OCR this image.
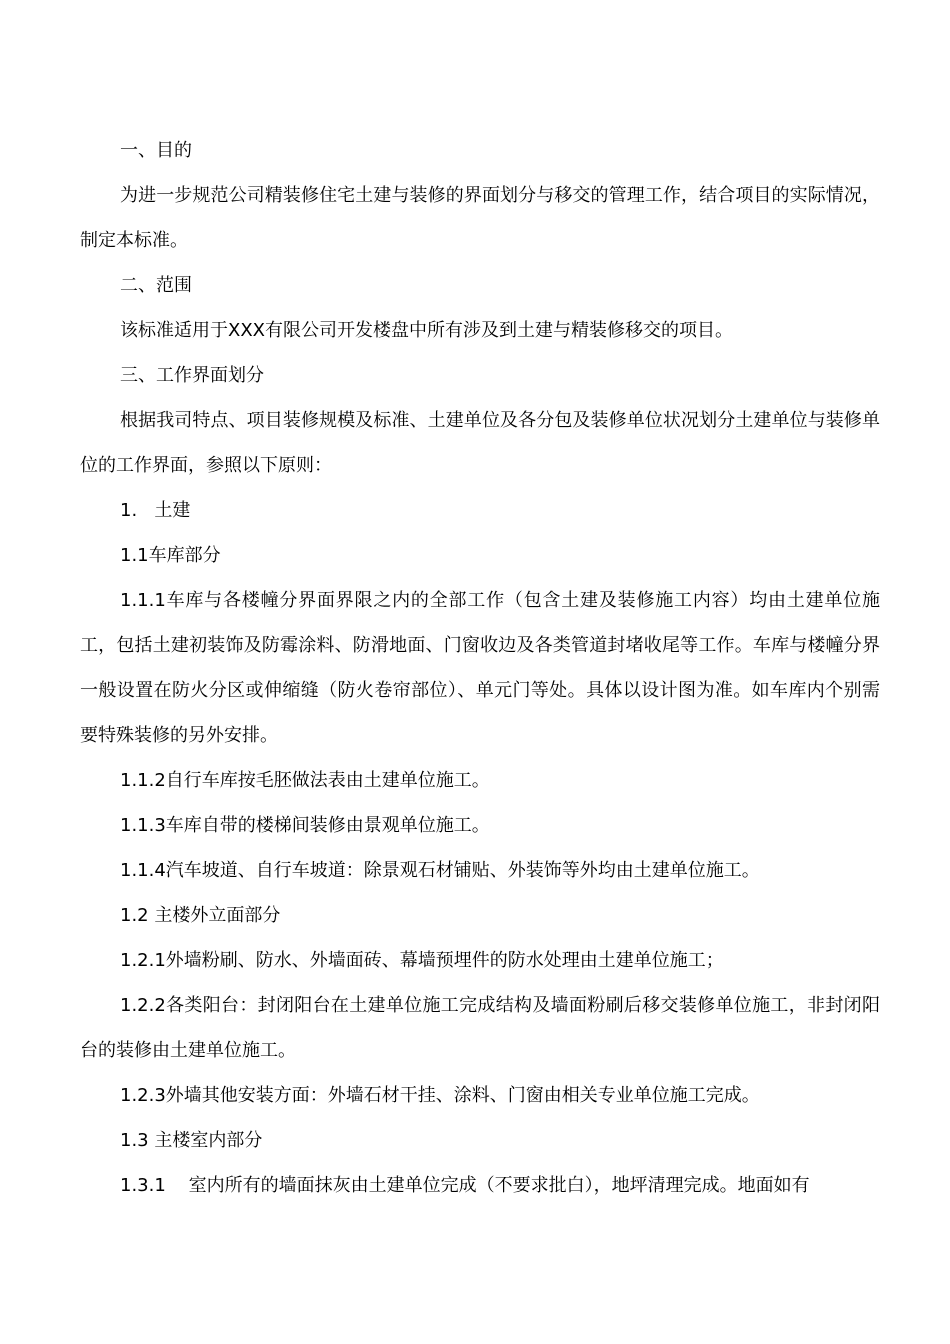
一、目的

为进一步规范公司精装修住宅土建与装修的界面划分与移交的管理工作，结合项目的实际情况，制定本标准。

二、范围

该标准适用于XXX有限公司开发楼盘中所有涉及到土建与精装修移交的项目。

三、工作界面划分

根据我司特点、项目装修规模及标准、土建单位及各分包及装修单位状况划分土建单位与装修单位的工作界面，参照以下原则：

1.   土建

1.1车库部分

1.1.1车库与各楼幢分界面界限之内的全部工作（包含土建及装修施工内容）均由土建单位施工，包括土建初装饰及防霉涂料、防滑地面、门窗收边及各类管道封堵收尾等工作。车库与楼幢分界一般设置在防火分区或伸缩缝（防火卷帘部位）、单元门等处。具体以设计图为准。如车库内个别需要特殊装修的另外安排。

1.1.2自行车库按毛胚做法表由土建单位施工。

1.1.3车库自带的楼梯间装修由景观单位施工。

1.1.4汽车坡道、自行车坡道：除景观石材铺贴、外装饰等外均由土建单位施工。

1.2 主楼外立面部分

1.2.1外墙粉刷、防水、外墙面砖、幕墙预埋件的防水处理由土建单位施工；

1.2.2各类阳台：封闭阳台在土建单位施工完成结构及墙面粉刷后移交装修单位施工，非封闭阳台的装修由土建单位施工。

1.2.3外墙其他安装方面：外墙石材干挂、涂料、门窗由相关专业单位施工完成。

1.3 主楼室内部分

1.3.1    室内所有的墙面抹灰由土建单位完成（不要求批白），地坪清理完成。地面如有
